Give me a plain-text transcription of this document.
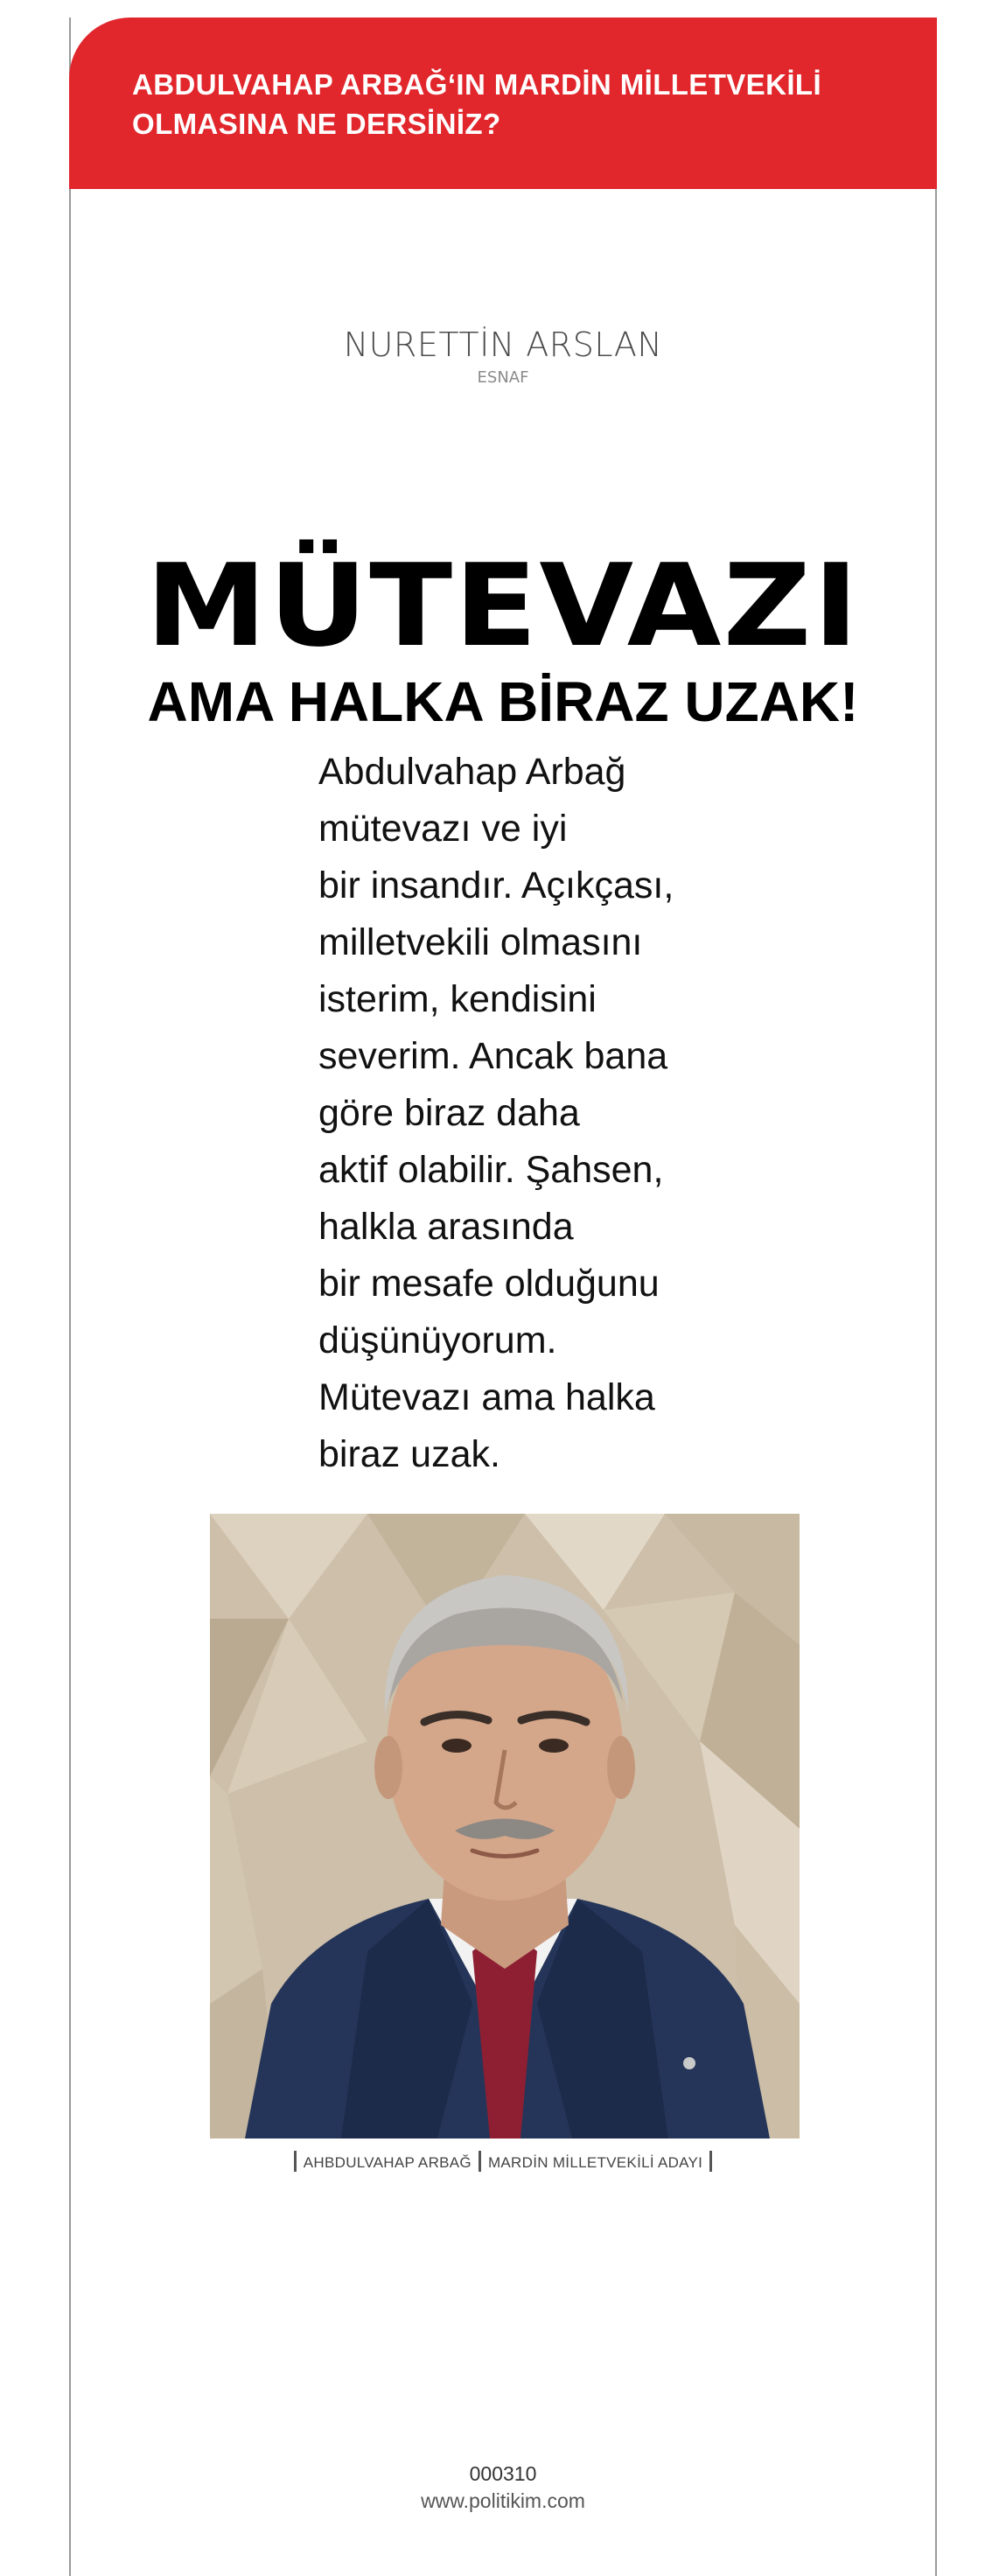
ABDULVAHAP ARBAĞ‘IN MARDİN MİLLETVEKİLİ
OLMASINA NE DERSİNİZ?
NURETTİN ARSLAN
ESNAF
MÜTEVAZI
AMA HALKA BİRAZ UZAK!

Abdulvahap Arbağ
mütevazı ve iyi
bir insandır. Açıkçası,
milletvekili olmasını
isterim, kendisini
severim. Ancak bana
göre biraz daha
aktif olabilir. Şahsen,
halkla arasında
bir mesafe olduğunu
düşünüyorum.
Mütevazı ama halka
biraz uzak.

AHBDULVAHAP ARBAĞ MARDİN MİLLETVEKİLİ ADAYI
000310
www.politikim.com
